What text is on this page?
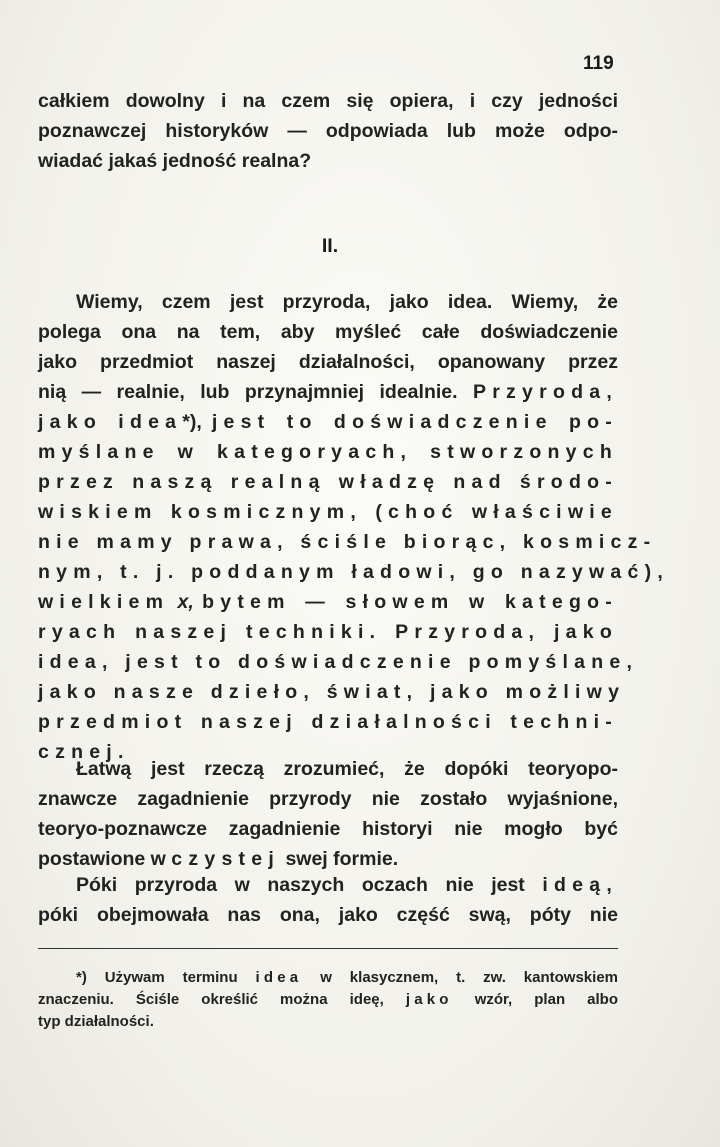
119
całkiem dowolny i na czem się opiera, i czy jedności
poznawczej historyków — odpowiada lub może odpo-
wiadać jakaś jedność realna?
II.
Wiemy, czem jest przyroda, jako idea. Wiemy, że
polega ona na tem, aby myśleć całe doświadczenie
jako przedmiot naszej działalności, opanowany przez
nią — realnie, lub przynajmniej idealnie. Przyroda,
jako idea*), jest to doświadczenie po-
myślane w kategoryach, stworzonych
przez naszą realną władzę nad środo-
wiskiem kosmicznym, (choć właściwie
nie mamy prawa, ściśle biorąc, kosmicz-
nym, t. j. poddanym ładowi, go nazywać),
wielkiem x, bytem — słowem w katego-
ryach naszej techniki. Przyroda, jako
idea, jest to doświadczenie pomyślane,
jako nasze dzieło, świat, jako możliwy
przedmiot naszej działalności techni-
cznej.
Łatwą jest rzeczą zrozumieć, że dopóki teoryopo-
znawcze zagadnienie przyrody nie zostało wyjaśnione,
teoryo-poznawcze zagadnienie historyi nie mogło być
postawione w czystej swej formie.
Póki przyroda w naszych oczach nie jest ideą,
póki obejmowała nas ona, jako część swą, póty nie
*) Używam terminu idea w klasycznem, t. zw. kantowskiem
znaczeniu. Ściśle określić można ideę, jako wzór, plan albo
typ działalności.
